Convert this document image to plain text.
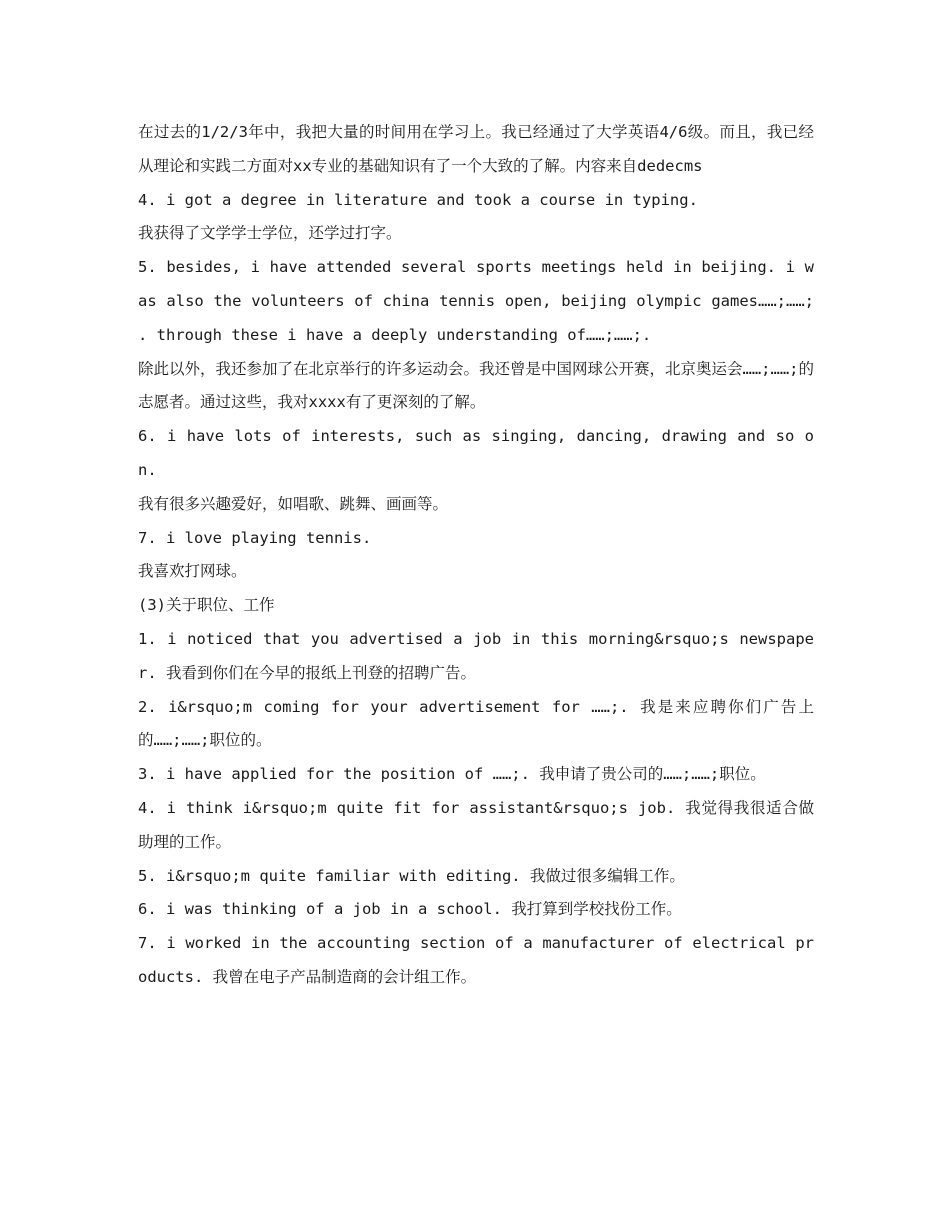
在过去的1/2/3年中，我把大量的时间用在学习上。我已经通过了大学英语4/6级。而且，我已经从理论和实践二方面对xx专业的基础知识有了一个大致的了解。内容来自dedecms

4. i got a degree in literature and took a course in typing.

我获得了文学学士学位，还学过打字。

5. besides, i have attended several sports meetings held in beijing. i was also the volunteers of china tennis open, beijing olympic games……;……; . through these i have a deeply understanding of……;……;.

除此以外，我还参加了在北京举行的许多运动会。我还曾是中国网球公开赛，北京奥运会……;……;的志愿者。通过这些，我对xxxx有了更深刻的了解。

6. i have lots of interests, such as singing, dancing, drawing and so on.

我有很多兴趣爱好，如唱歌、跳舞、画画等。

7. i love playing tennis.

我喜欢打网球。

(3)关于职位、工作

1. i noticed that you advertised a job in this morning&rsquo;s newspaper. 我看到你们在今早的报纸上刊登的招聘广告。

2. i&rsquo;m coming for your advertisement for ……;. 我是来应聘你们广告上的……;……;职位的。

3. i have applied for the position of ……;. 我申请了贵公司的……;……;职位。

4. i think i&rsquo;m quite fit for assistant&rsquo;s job. 我觉得我很适合做助理的工作。

5. i&rsquo;m quite familiar with editing. 我做过很多编辑工作。

6. i was thinking of a job in a school. 我打算到学校找份工作。

7. i worked in the accounting section of a manufacturer of electrical products. 我曾在电子产品制造商的会计组工作。
